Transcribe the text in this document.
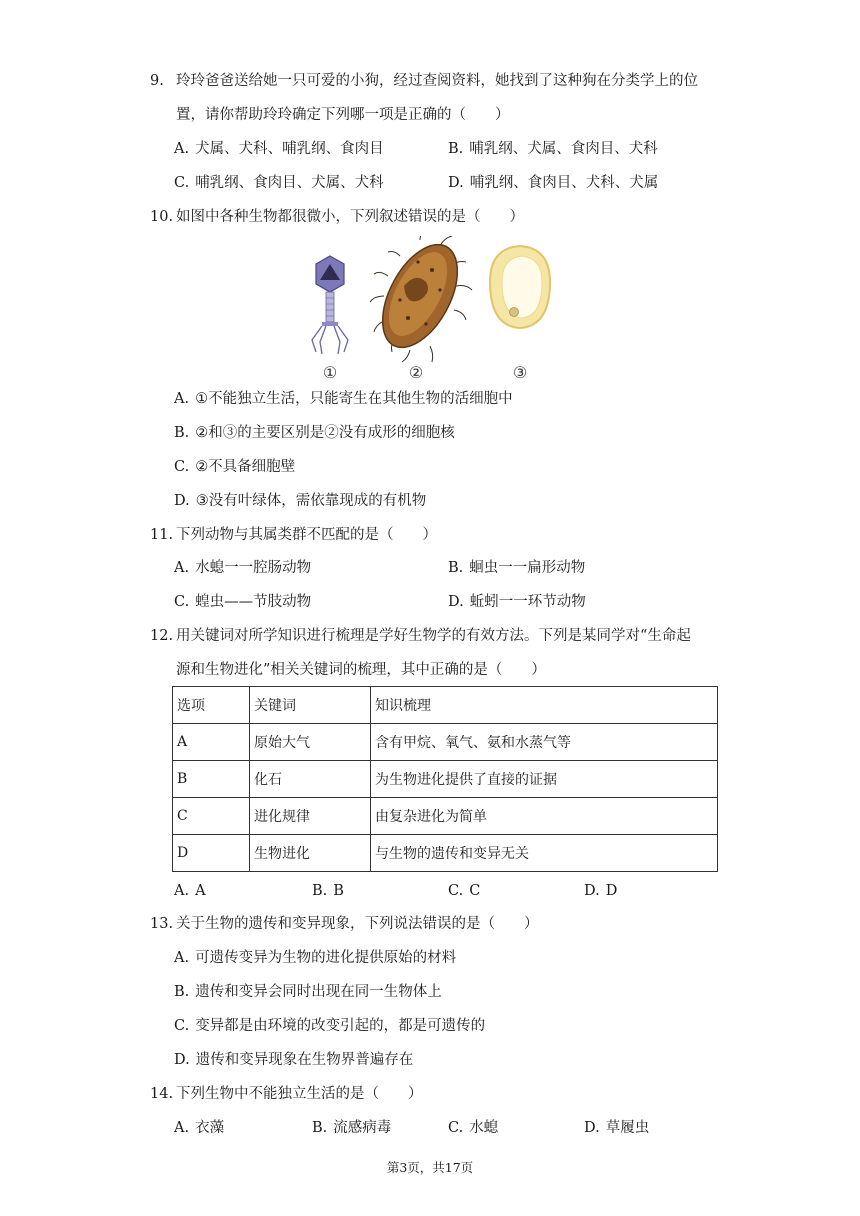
9. 玲玲爸爸送给她一只可爱的小狗，经过查阅资料，她找到了这种狗在分类学上的位
置，请你帮助玲玲确定下列哪一项是正确的（　　）
A. 犬属、犬科、哺乳纲、食肉目	B. 哺乳纲、犬属、食肉目、犬科
C. 哺乳纲、食肉目、犬属、犬科	D. 哺乳纲、食肉目、犬科、犬属
10. 如图中各种生物都很微小，下列叙述错误的是（　　）
①	②	③
A. ①不能独立生活，只能寄生在其他生物的活细胞中
B. ②和③的主要区别是②没有成形的细胞核
C. ②不具备细胞壁
D. ③没有叶绿体，需依靠现成的有机物
11. 下列动物与其属类群不匹配的是（　　）
A. 水螅一一腔肠动物	B. 蛔虫一一扁形动物
C. 蝗虫——节肢动物	D. 蚯蚓一一环节动物
12. 用关键词对所学知识进行梳理是学好生物学的有效方法。下列是某同学对“生命起
源和生物进化”相关关键词的梳理，其中正确的是（　　）
选项	关键词	知识梳理
A	原始大气	含有甲烷、氧气、氨和水蒸气等
B	化石	为生物进化提供了直接的证据
C	进化规律	由复杂进化为简单
D	生物进化	与生物的遗传和变异无关
A. A	B. B	C. C	D. D
13. 关于生物的遗传和变异现象，下列说法错误的是（　　）
A. 可遗传变异为生物的进化提供原始的材料
B. 遗传和变异会同时出现在同一生物体上
C. 变异都是由环境的改变引起的，都是可遗传的
D. 遗传和变异现象在生物界普遍存在
14. 下列生物中不能独立生活的是（　　）
A. 衣藻	B. 流感病毒	C. 水螅	D. 草履虫
第3页，共17页
